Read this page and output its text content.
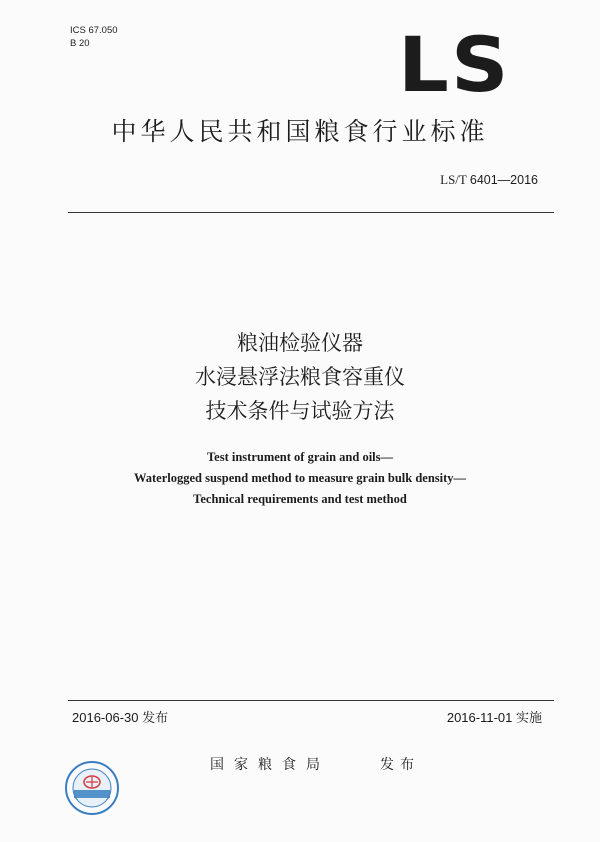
ICS 67.050
B 20	LS
中华人民共和国粮食行业标准
LS/T 6401—2016
粮油检验仪器
水浸悬浮法粮食容重仪
技术条件与试验方法
Test instrument of grain and oils—
Waterlogged suspend method to measure grain bulk density—
Technical requirements and test method
2016-06-30 发布	2016-11-01 实施
国家粮食局	发布
